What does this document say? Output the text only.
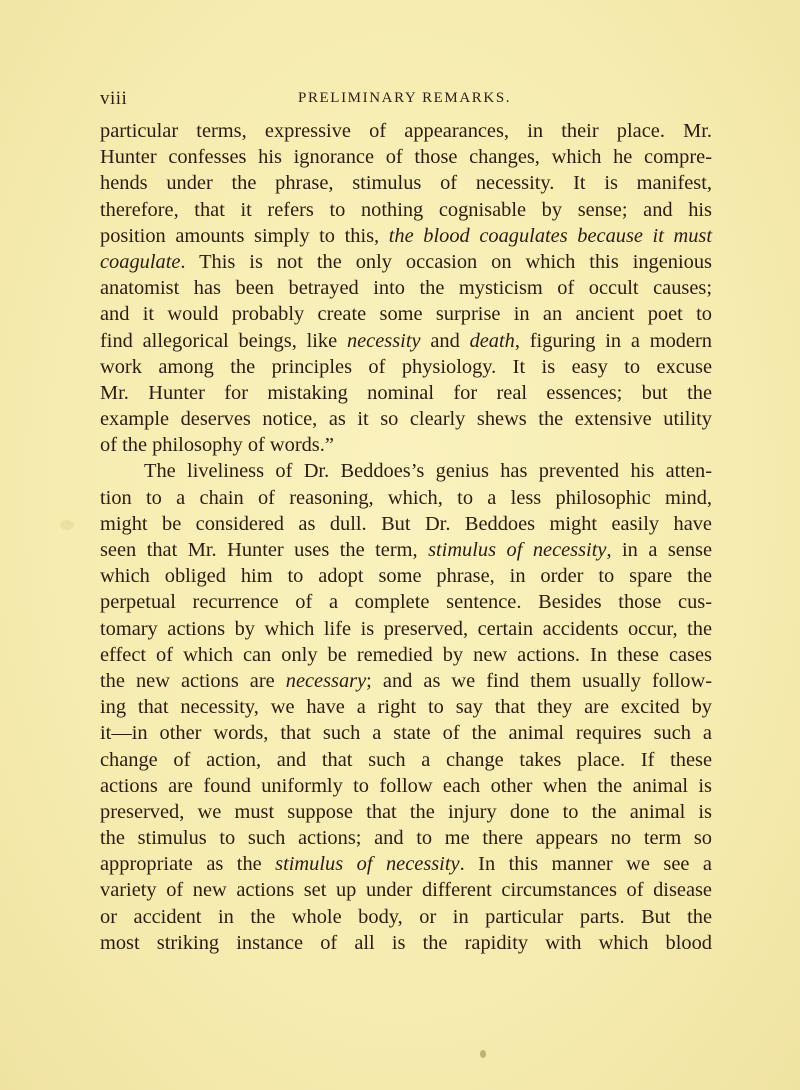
viii	PRELIMINARY REMARKS.
particular terms, expressive of appearances, in their place. Mr.
Hunter confesses his ignorance of those changes, which he compre-
hends under the phrase, stimulus of necessity. It is manifest,
therefore, that it refers to nothing cognisable by sense; and his
position amounts simply to this, the blood coagulates because it must
coagulate. This is not the only occasion on which this ingenious
anatomist has been betrayed into the mysticism of occult causes;
and it would probably create some surprise in an ancient poet to
find allegorical beings, like necessity and death, figuring in a modern
work among the principles of physiology. It is easy to excuse
Mr. Hunter for mistaking nominal for real essences; but the
example deserves notice, as it so clearly shews the extensive utility
of the philosophy of words.”
The liveliness of Dr. Beddoes’s genius has prevented his atten-
tion to a chain of reasoning, which, to a less philosophic mind,
might be considered as dull. But Dr. Beddoes might easily have
seen that Mr. Hunter uses the term, stimulus of necessity, in a sense
which obliged him to adopt some phrase, in order to spare the
perpetual recurrence of a complete sentence. Besides those cus-
tomary actions by which life is preserved, certain accidents occur, the
effect of which can only be remedied by new actions. In these cases
the new actions are necessary; and as we find them usually follow-
ing that necessity, we have a right to say that they are excited by
it—in other words, that such a state of the animal requires such a
change of action, and that such a change takes place. If these
actions are found uniformly to follow each other when the animal is
preserved, we must suppose that the injury done to the animal is
the stimulus to such actions; and to me there appears no term so
appropriate as the stimulus of necessity. In this manner we see a
variety of new actions set up under different circumstances of disease
or accident in the whole body, or in particular parts. But the
most striking instance of all is the rapidity with which blood
